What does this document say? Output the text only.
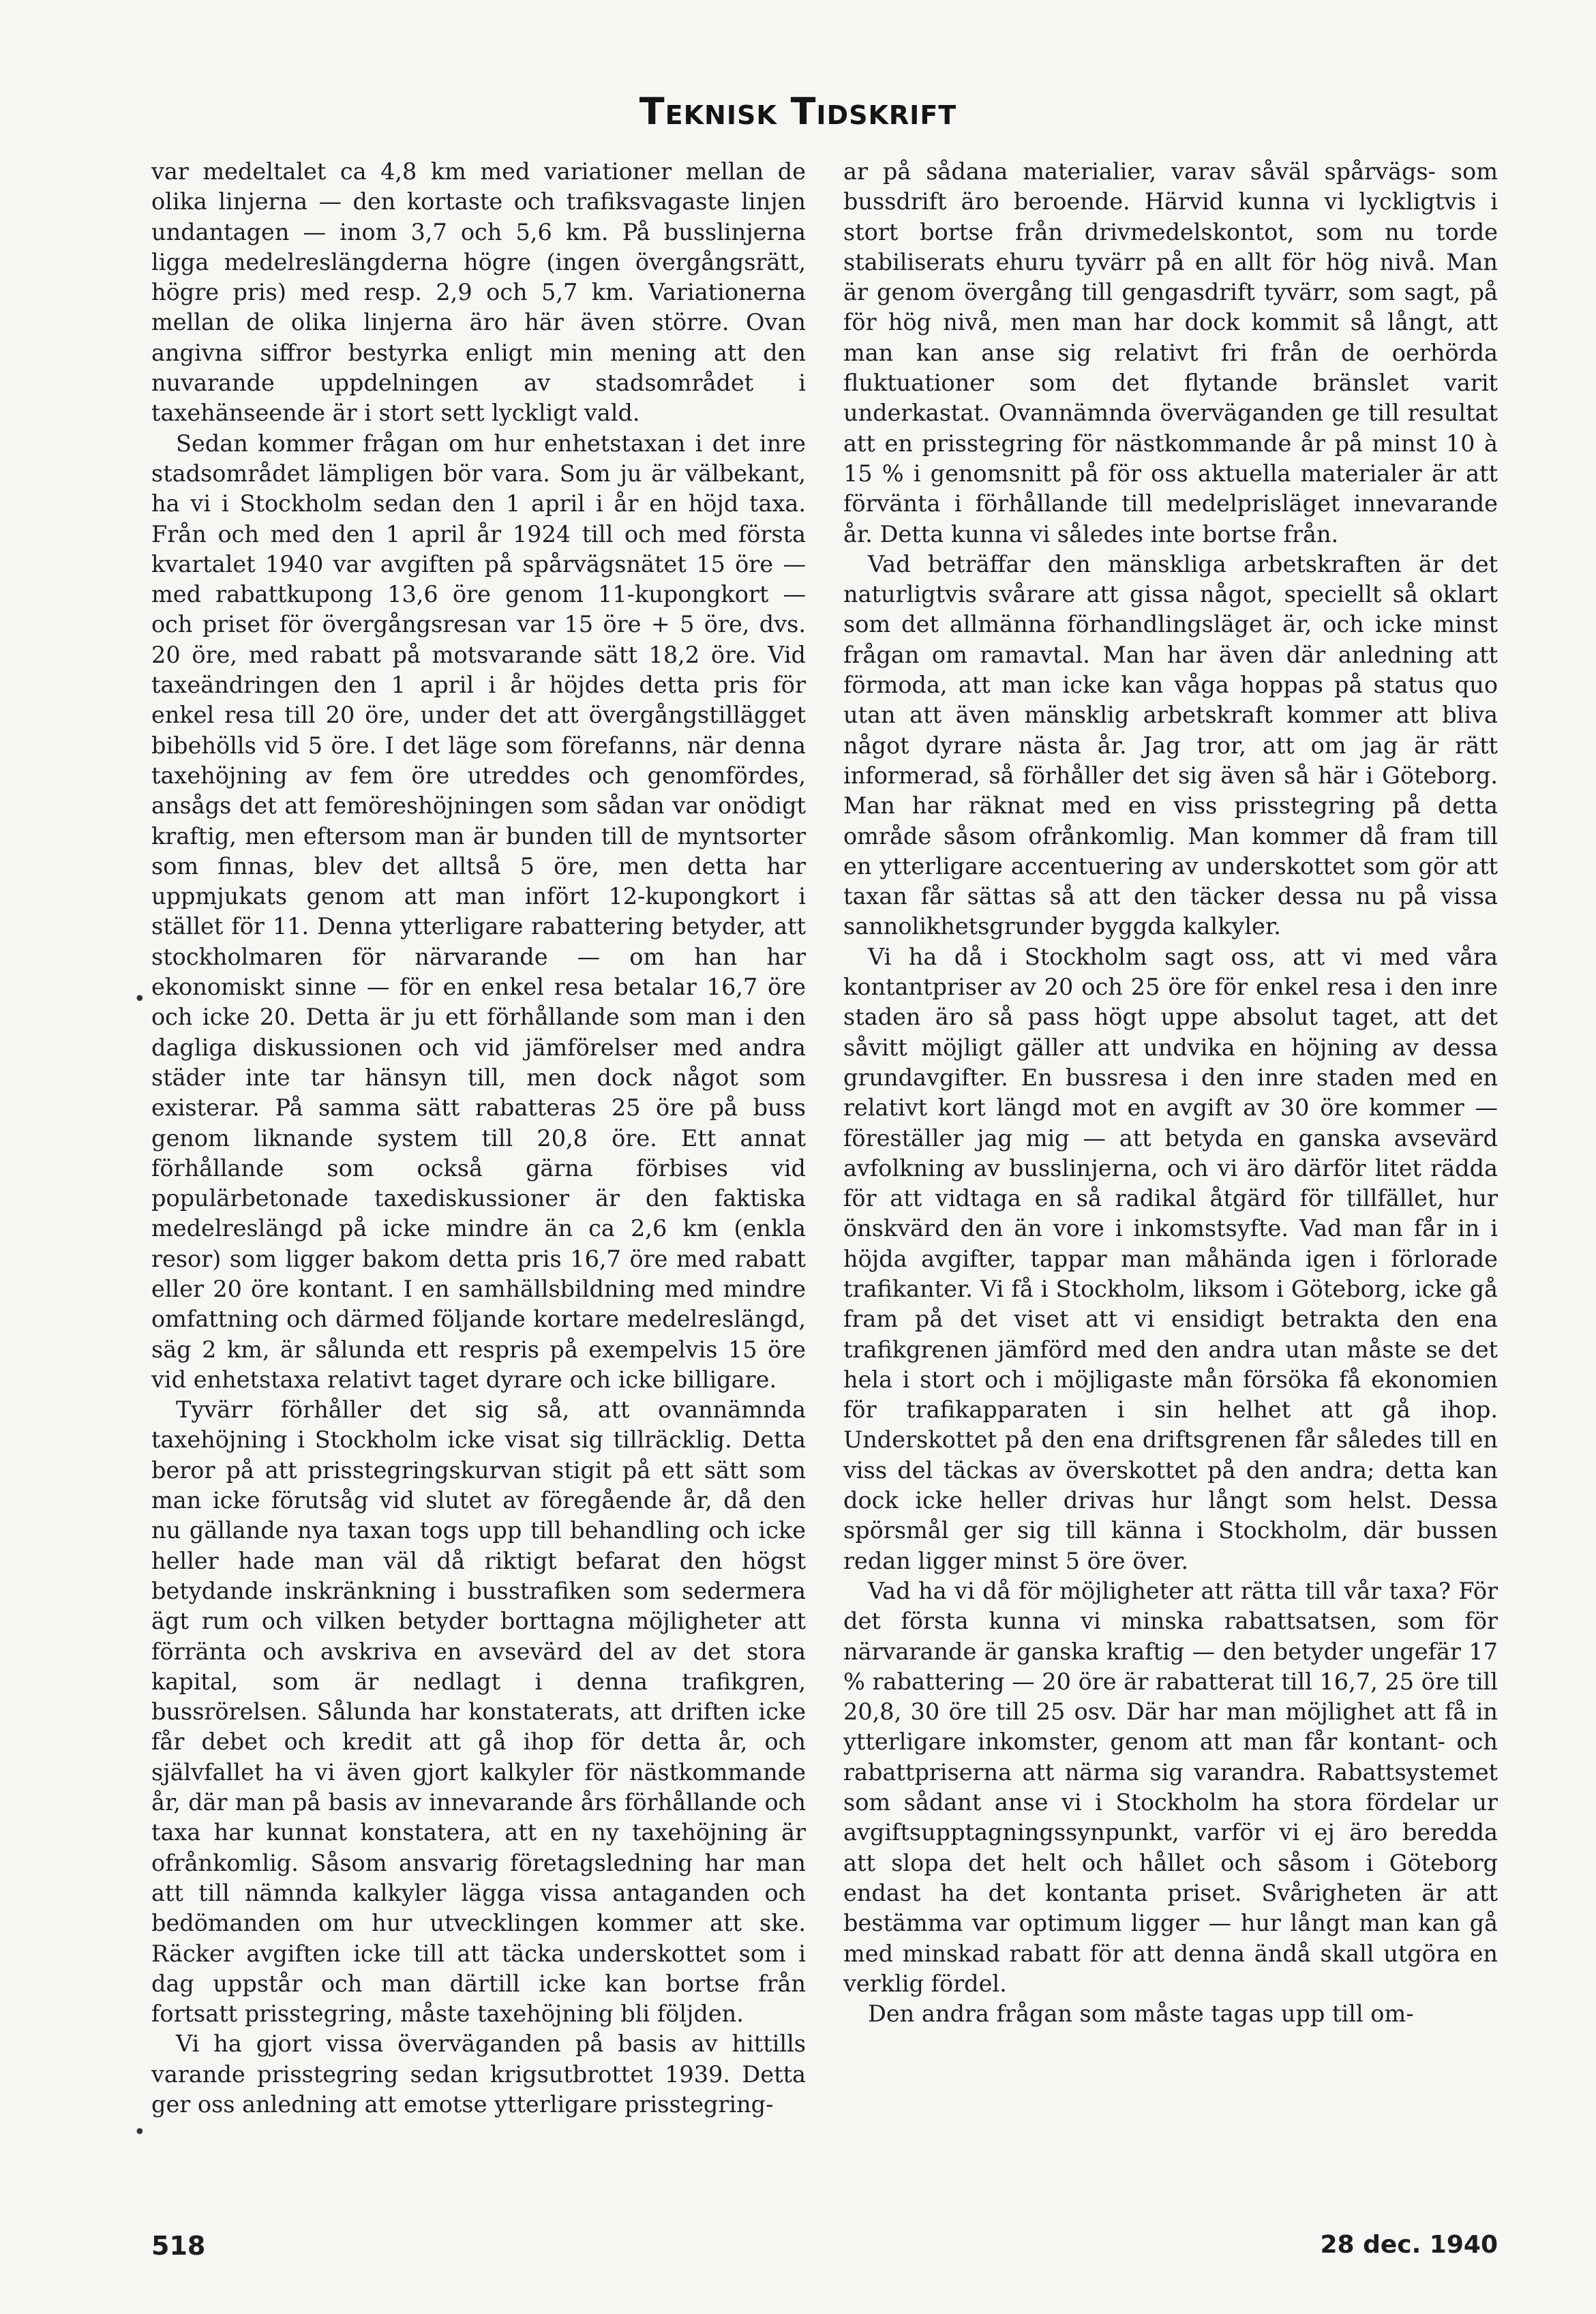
Teknisk Tidskrift

var medeltalet ca 4,8 km med variationer mellan de olika linjerna — den kortaste och trafiksvagaste linjen undantagen — inom 3,7 och 5,6 km. På busslinjerna ligga medelreslängderna högre (ingen övergångsrätt, högre pris) med resp. 2,9 och 5,7 km. Variationerna mellan de olika linjerna äro här även större. Ovan angivna siffror bestyrka enligt min mening att den nuvarande uppdelningen av stadsområdet i taxehänseende är i stort sett lyckligt vald.

Sedan kommer frågan om hur enhetstaxan i det inre stadsområdet lämpligen bör vara. Som ju är välbekant, ha vi i Stockholm sedan den 1 april i år en höjd taxa. Från och med den 1 april år 1924 till och med första kvartalet 1940 var avgiften på spårvägsnätet 15 öre — med rabattkupong 13,6 öre genom 11-kupongkort — och priset för övergångsresan var 15 öre + 5 öre, dvs. 20 öre, med rabatt på motsvarande sätt 18,2 öre. Vid taxeändringen den 1 april i år höjdes detta pris för enkel resa till 20 öre, under det att övergångstillägget bibehölls vid 5 öre. I det läge som förefanns, när denna taxehöjning av fem öre utreddes och genomfördes, ansågs det att femöreshöjningen som sådan var onödigt kraftig, men eftersom man är bunden till de myntsorter som finnas, blev det alltså 5 öre, men detta har uppmjukats genom att man infört 12-kupongkort i stället för 11. Denna ytterligare rabattering betyder, att stockholmaren för närvarande — om han har ekonomiskt sinne — för en enkel resa betalar 16,7 öre och icke 20. Detta är ju ett förhållande som man i den dagliga diskussionen och vid jämförelser med andra städer inte tar hänsyn till, men dock något som existerar. På samma sätt rabatteras 25 öre på buss genom liknande system till 20,8 öre. Ett annat förhållande som också gärna förbises vid populärbetonade taxediskussioner är den faktiska medelreslängd på icke mindre än ca 2,6 km (enkla resor) som ligger bakom detta pris 16,7 öre med rabatt eller 20 öre kontant. I en samhällsbildning med mindre omfattning och därmed följande kortare medelreslängd, säg 2 km, är sålunda ett respris på exempelvis 15 öre vid enhetstaxa relativt taget dyrare och icke billigare.

Tyvärr förhåller det sig så, att ovannämnda taxehöjning i Stockholm icke visat sig tillräcklig. Detta beror på att prisstegringskurvan stigit på ett sätt som man icke förutsåg vid slutet av föregående år, då den nu gällande nya taxan togs upp till behandling och icke heller hade man väl då riktigt befarat den högst betydande inskränkning i busstrafiken som sedermera ägt rum och vilken betyder borttagna möjligheter att förränta och avskriva en avsevärd del av det stora kapital, som är nedlagt i denna trafikgren, bussrörelsen. Sålunda har konstaterats, att driften icke får debet och kredit att gå ihop för detta år, och självfallet ha vi även gjort kalkyler för nästkommande år, där man på basis av innevarande års förhållande och taxa har kunnat konstatera, att en ny taxehöjning är ofrånkomlig. Såsom ansvarig företagsledning har man att till nämnda kalkyler lägga vissa antaganden och bedömanden om hur utvecklingen kommer att ske. Räcker avgiften icke till att täcka underskottet som i dag uppstår och man därtill icke kan bortse från fortsatt prisstegring, måste taxehöjning bli följden.

Vi ha gjort vissa överväganden på basis av hittills varande prisstegring sedan krigsutbrottet 1939. Detta ger oss anledning att emotse ytterligare prisstegring-

ar på sådana materialier, varav såväl spårvägs- som bussdrift äro beroende. Härvid kunna vi lyckligtvis i stort bortse från drivmedelskontot, som nu torde stabiliserats ehuru tyvärr på en allt för hög nivå. Man är genom övergång till gengasdrift tyvärr, som sagt, på för hög nivå, men man har dock kommit så långt, att man kan anse sig relativt fri från de oerhörda fluktuationer som det flytande bränslet varit underkastat. Ovannämnda överväganden ge till resultat att en prisstegring för nästkommande år på minst 10 à 15 % i genomsnitt på för oss aktuella materialer är att förvänta i förhållande till medelprisläget innevarande år. Detta kunna vi således inte bortse från.

Vad beträffar den mänskliga arbetskraften är det naturligtvis svårare att gissa något, speciellt så oklart som det allmänna förhandlingsläget är, och icke minst frågan om ramavtal. Man har även där anledning att förmoda, att man icke kan våga hoppas på status quo utan att även mänsklig arbetskraft kommer att bliva något dyrare nästa år. Jag tror, att om jag är rätt informerad, så förhåller det sig även så här i Göteborg. Man har räknat med en viss prisstegring på detta område såsom ofrånkomlig. Man kommer då fram till en ytterligare accentuering av underskottet som gör att taxan får sättas så att den täcker dessa nu på vissa sannolikhetsgrunder byggda kalkyler.

Vi ha då i Stockholm sagt oss, att vi med våra kontantpriser av 20 och 25 öre för enkel resa i den inre staden äro så pass högt uppe absolut taget, att det såvitt möjligt gäller att undvika en höjning av dessa grundavgifter. En bussresa i den inre staden med en relativt kort längd mot en avgift av 30 öre kommer — föreställer jag mig — att betyda en ganska avsevärd avfolkning av busslinjerna, och vi äro därför litet rädda för att vidtaga en så radikal åtgärd för tillfället, hur önskvärd den än vore i inkomstsyfte. Vad man får in i höjda avgifter, tappar man måhända igen i förlorade trafikanter. Vi få i Stockholm, liksom i Göteborg, icke gå fram på det viset att vi ensidigt betrakta den ena trafikgrenen jämförd med den andra utan måste se det hela i stort och i möjligaste mån försöka få ekonomien för trafikapparaten i sin helhet att gå ihop. Underskottet på den ena driftsgrenen får således till en viss del täckas av överskottet på den andra; detta kan dock icke heller drivas hur långt som helst. Dessa spörsmål ger sig till känna i Stockholm, där bussen redan ligger minst 5 öre över.

Vad ha vi då för möjligheter att rätta till vår taxa? För det första kunna vi minska rabattsatsen, som för närvarande är ganska kraftig — den betyder ungefär 17 % rabattering — 20 öre är rabatterat till 16,7, 25 öre till 20,8, 30 öre till 25 osv. Där har man möjlighet att få in ytterligare inkomster, genom att man får kontant- och rabattpriserna att närma sig varandra. Rabattsystemet som sådant anse vi i Stockholm ha stora fördelar ur avgiftsupptagningssynpunkt, varför vi ej äro beredda att slopa det helt och hållet och såsom i Göteborg endast ha det kontanta priset. Svårigheten är att bestämma var optimum ligger — hur långt man kan gå med minskad rabatt för att denna ändå skall utgöra en verklig fördel.

Den andra frågan som måste tagas upp till om-

•
•
518	28 dec. 1940
